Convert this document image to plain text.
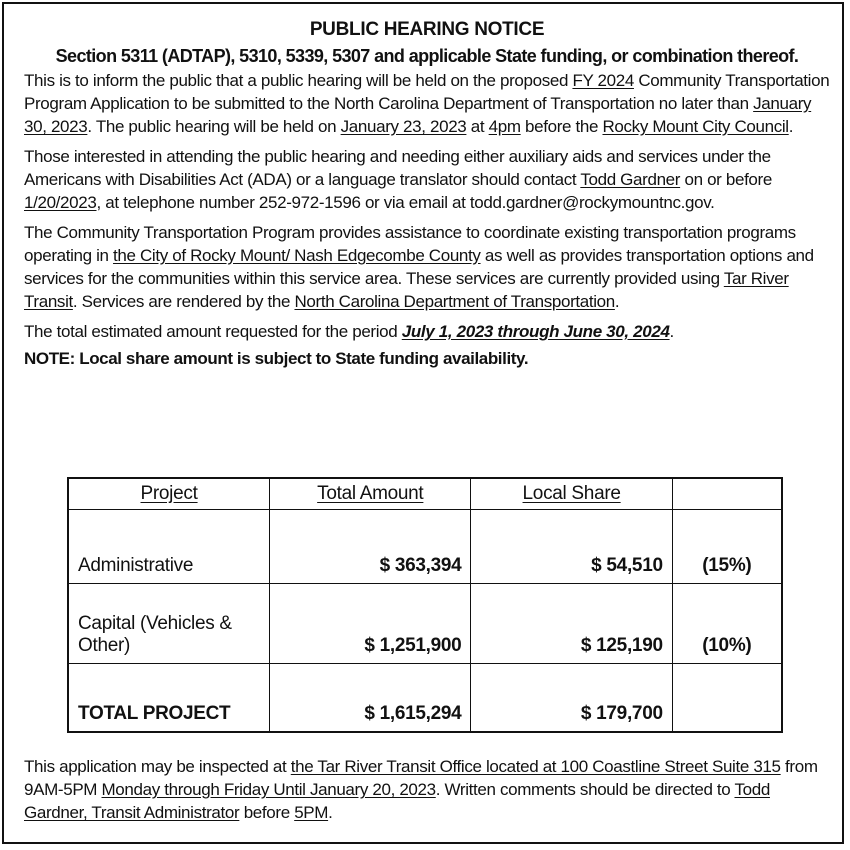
PUBLIC HEARING NOTICE
Section 5311 (ADTAP), 5310, 5339, 5307 and applicable State funding, or combination thereof.

This is to inform the public that a public hearing will be held on the proposed FY 2024 Community Transportation Program Application to be submitted to the North Carolina Department of Transportation no later than January 30, 2023. The public hearing will be held on January 23, 2023 at 4pm before the Rocky Mount City Council.

Those interested in attending the public hearing and needing either auxiliary aids and services under the Americans with Disabilities Act (ADA) or a language translator should contact Todd Gardner on or before 1/20/2023, at telephone number 252-972-1596 or via email at todd.gardner@rockymountnc.gov.

The Community Transportation Program provides assistance to coordinate existing transportation programs operating in the City of Rocky Mount/ Nash Edgecombe County as well as provides transportation options and services for the communities within this service area. These services are currently provided using Tar River Transit. Services are rendered by the North Carolina Department of Transportation.

The total estimated amount requested for the period July 1, 2023 through June 30, 2024.

NOTE: Local share amount is subject to State funding availability.
Project	Total Amount	Local Share	
Administrative	$ 363,394	$ 54,510	(15%)
Capital (Vehicles & Other)	$ 1,251,900	$ 125,190	(10%)
TOTAL PROJECT	$ 1,615,294	$ 179,700	

This application may be inspected at the Tar River Transit Office located at 100 Coastline Street Suite 315 from 9AM-5PM Monday through Friday Until January 20, 2023. Written comments should be directed to Todd Gardner, Transit Administrator before 5PM.
